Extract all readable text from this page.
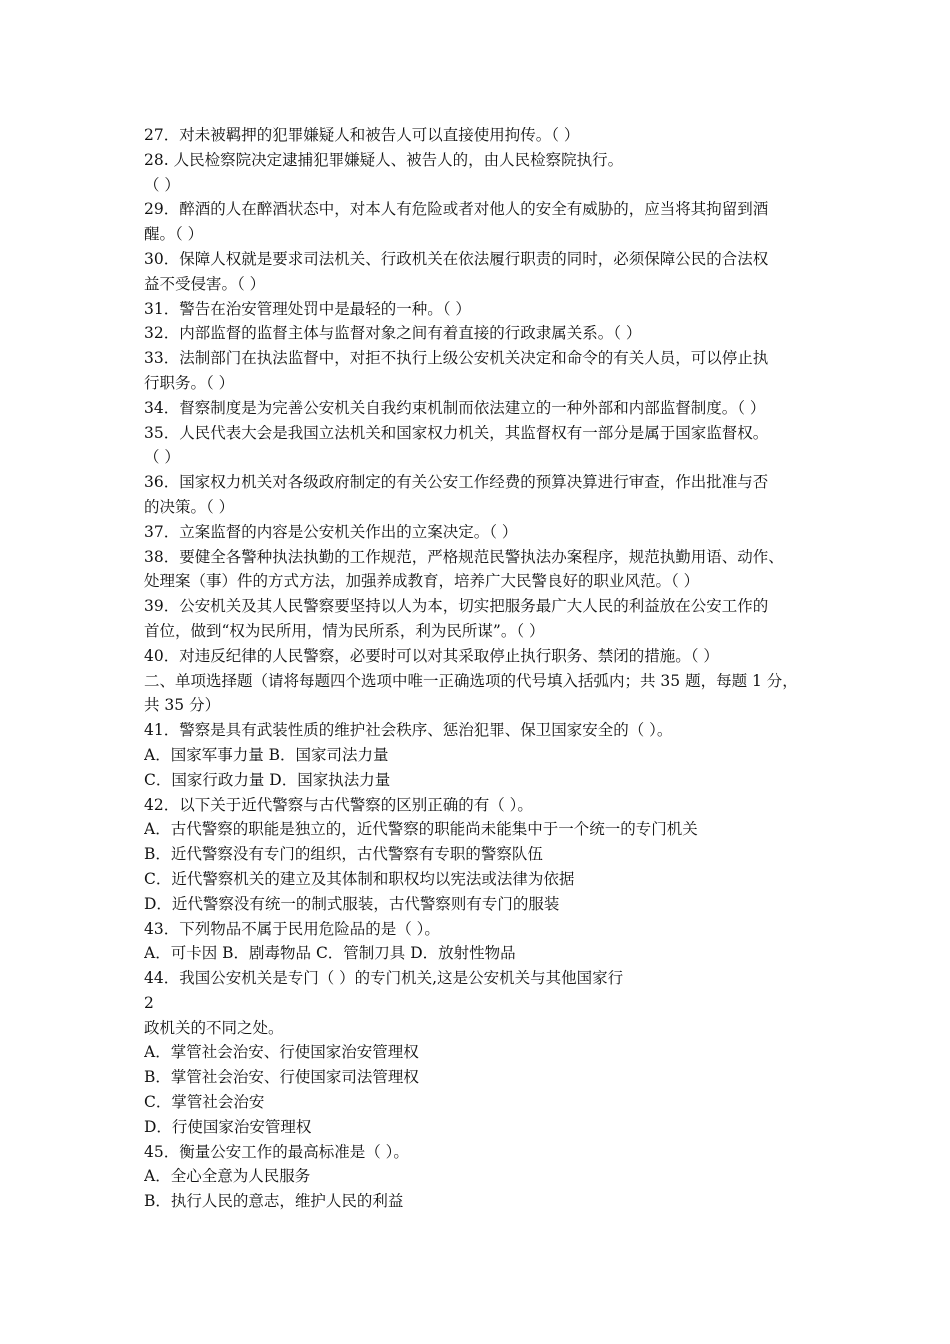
27．对未被羁押的犯罪嫌疑人和被告人可以直接使用拘传。（ ）
28. 人民检察院决定逮捕犯罪嫌疑人、被告人的，由人民检察院执行。
（ ）
29．醉酒的人在醉酒状态中，对本人有危险或者对他人的安全有威胁的，应当将其拘留到酒
醒。（ ）
30．保障人权就是要求司法机关、行政机关在依法履行职责的同时，必须保障公民的合法权
益不受侵害。（ ）
31．警告在治安管理处罚中是最轻的一种。（ ）
32．内部监督的监督主体与监督对象之间有着直接的行政隶属关系。（ ）
33．法制部门在执法监督中，对拒不执行上级公安机关决定和命令的有关人员，可以停止执
行职务。（ ）
34．督察制度是为完善公安机关自我约束机制而依法建立的一种外部和内部监督制度。（ ）
35．人民代表大会是我国立法机关和国家权力机关，其监督权有一部分是属于国家监督权。
（ ）
36．国家权力机关对各级政府制定的有关公安工作经费的预算决算进行审查，作出批准与否
的决策。（ ）
37．立案监督的内容是公安机关作出的立案决定。（ ）
38．要健全各警种执法执勤的工作规范，严格规范民警执法办案程序，规范执勤用语、动作、
处理案（事）件的方式方法，加强养成教育，培养广大民警良好的职业风范。（ ）
39．公安机关及其人民警察要坚持以人为本，切实把服务最广大人民的利益放在公安工作的
首位，做到“权为民所用，情为民所系，利为民所谋”。（ ）
40．对违反纪律的人民警察，必要时可以对其采取停止执行职务、禁闭的措施。（ ）
二、单项选择题（请将每题四个选项中唯一正确选项的代号填入括弧内；共 35 题，每题 1 分，
共 35 分）
41．警察是具有武装性质的维护社会秩序、惩治犯罪、保卫国家安全的（ ）。
A．国家军事力量 B．国家司法力量
C．国家行政力量 D．国家执法力量
42．以下关于近代警察与古代警察的区别正确的有（ ）。
A．古代警察的职能是独立的，近代警察的职能尚未能集中于一个统一的专门机关
B．近代警察没有专门的组织，古代警察有专职的警察队伍
C．近代警察机关的建立及其体制和职权均以宪法或法律为依据
D．近代警察没有统一的制式服装，古代警察则有专门的服装
43．下列物品不属于民用危险品的是（ ）。
A．可卡因 B．剧毒物品 C．管制刀具 D．放射性物品
44．我国公安机关是专门（ ）的专门机关,这是公安机关与其他国家行
2
政机关的不同之处。
A．掌管社会治安、行使国家治安管理权
B．掌管社会治安、行使国家司法管理权
C．掌管社会治安
D．行使国家治安管理权
45．衡量公安工作的最高标准是（ ）。
A．全心全意为人民服务
B．执行人民的意志，维护人民的利益
